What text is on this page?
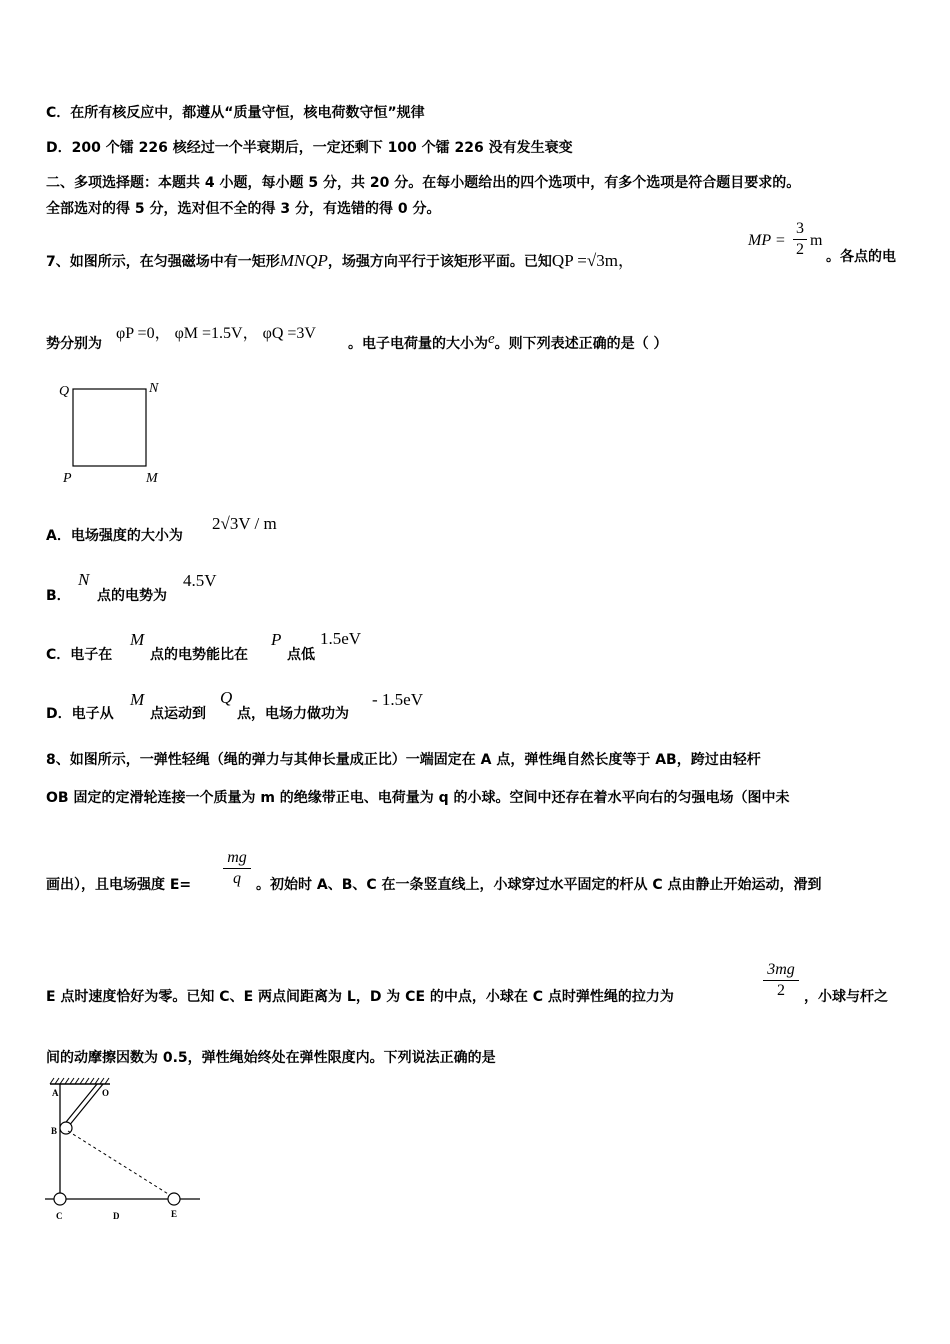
C．在所有核反应中，都遵从“质量守恒，核电荷数守恒”规律
D．200 个镭 226 核经过一个半衰期后，一定还剩下 100 个镭 226 没有发生衰变
二、多项选择题：本题共 4 小题，每小题 5 分，共 20 分。在每小题给出的四个选项中，有多个选项是符合题目要求的。
全部选对的得 5 分，选对但不全的得 3 分，有选错的得 0 分。
7、如图所示，在匀强磁场中有一矩形MNQP，场强方向平行于该矩形平面。已知QP =√3m，
MP =
3
2
m
。各点的电
势分别为
φP =0， φM =1.5V， φQ =3V
。电子电荷量的大小为e。则下列表述正确的是（ ）
Q	N
P	M
A．电场强度的大小为
2√3V / m
B．
N
点的电势为
4.5V
C．电子在
M
点的电势能比在
P
点低
1.5eV
D．电子从
M
点运动到
Q
点，电场力做功为
- 1.5eV
8、如图所示，一弹性轻绳（绳的弹力与其伸长量成正比）一端固定在 A 点，弹性绳自然长度等于 AB，跨过由轻杆
OB 固定的定滑轮连接一个质量为 m 的绝缘带正电、电荷量为 q 的小球。空间中还存在着水平向右的匀强电场（图中未
画出），且电场强度 E=
mg
q	。初始时 A、B、C 在一条竖直线上，小球穿过水平固定的杆从 C 点由静止开始运动，滑到
E 点时速度恰好为零。已知 C、E 两点间距离为 L，D 为 CE 的中点，小球在 C 点时弹性绳的拉力为
3mg
2	，小球与杆之
间的动摩擦因数为 0.5，弹性绳始终处在弹性限度内。下列说法正确的是
A	O
B
C	D	E
